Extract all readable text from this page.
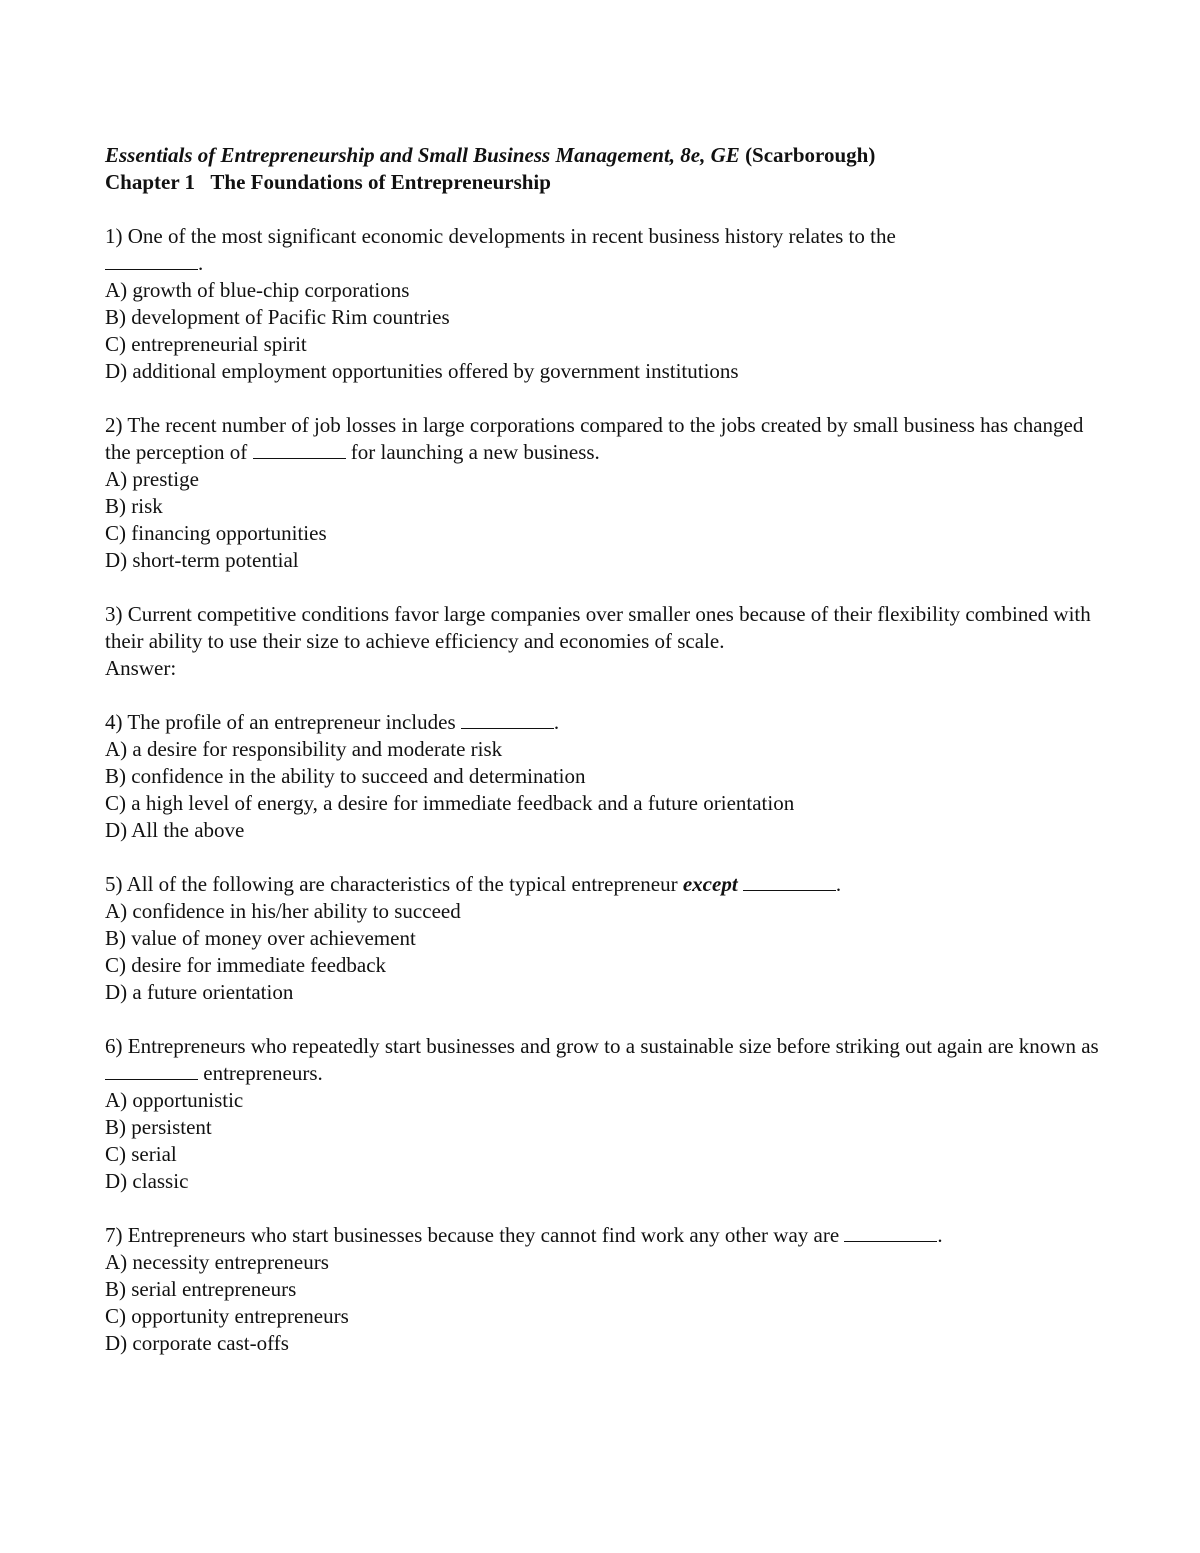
Essentials of Entrepreneurship and Small Business Management, 8e, GE (Scarborough)

Chapter 1   The Foundations of Entrepreneurship

1) One of the most significant economic developments in recent business history relates to the
.

A) growth of blue-chip corporations

B) development of Pacific Rim countries

C) entrepreneurial spirit

D) additional employment opportunities offered by government institutions

2) The recent number of job losses in large corporations compared to the jobs created by small business has changed the perception of	for launching a new business.

A) prestige

B) risk

C) financing opportunities

D) short-term potential

3) Current competitive conditions favor large companies over smaller ones because of their flexibility combined with their ability to use their size to achieve efficiency and economies of scale.

Answer:

4) The profile of an entrepreneur includes	.

A) a desire for responsibility and moderate risk

B) confidence in the ability to succeed and determination

C) a high level of energy, a desire for immediate feedback and a future orientation

D) All the above

5) All of the following are characteristics of the typical entrepreneur except	.

A) confidence in his/her ability to succeed

B) value of money over achievement

C) desire for immediate feedback

D) a future orientation

6) Entrepreneurs who repeatedly start businesses and grow to a sustainable size before striking out again are known as  entrepreneurs.

A) opportunistic

B) persistent

C) serial

D) classic

7) Entrepreneurs who start businesses because they cannot find work any other way are	.

A) necessity entrepreneurs

B) serial entrepreneurs

C) opportunity entrepreneurs

D) corporate cast-offs
